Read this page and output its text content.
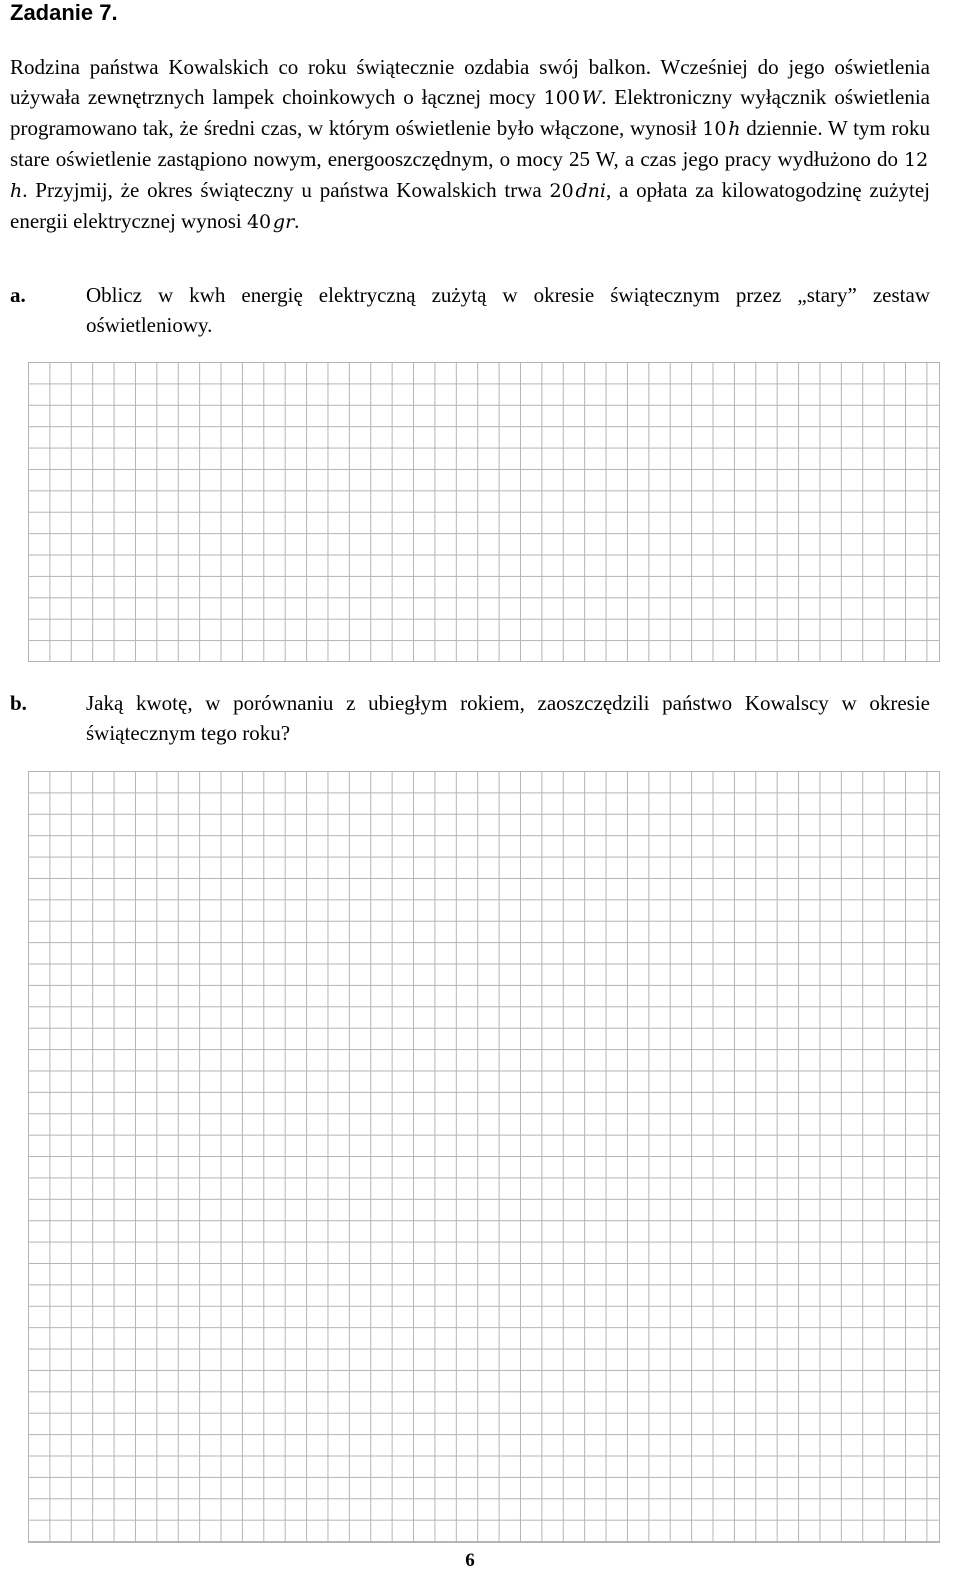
Zadanie 7.

Rodzina państwa Kowalskich co roku świątecznie ozdabia swój balkon. Wcześniej do jego oświetlenia używała zewnętrznych lampek choinkowych o łącznej mocy 100 W. Elektroniczny wyłącznik oświetlenia programowano tak, że średni czas, w którym oświetlenie było włączone, wynosił 10 h dziennie. W tym roku stare oświetlenie zastąpiono nowym, energooszczędnym, o mocy 25 W, a czas jego pracy wydłużono do 12 h. Przyjmij, że okres świąteczny u państwa Kowalskich trwa 20 dni, a opłata za kilowatogodzinę zużytej energii elektrycznej wynosi 40 gr.

a.	Oblicz w kwh energię elektryczną zużytą w okresie świątecznym przez „stary” zestaw oświetleniowy.
b.	Jaką kwotę, w porównaniu z ubiegłym rokiem, zaoszczędzili państwo Kowalscy w okresie świątecznym tego roku?
6
